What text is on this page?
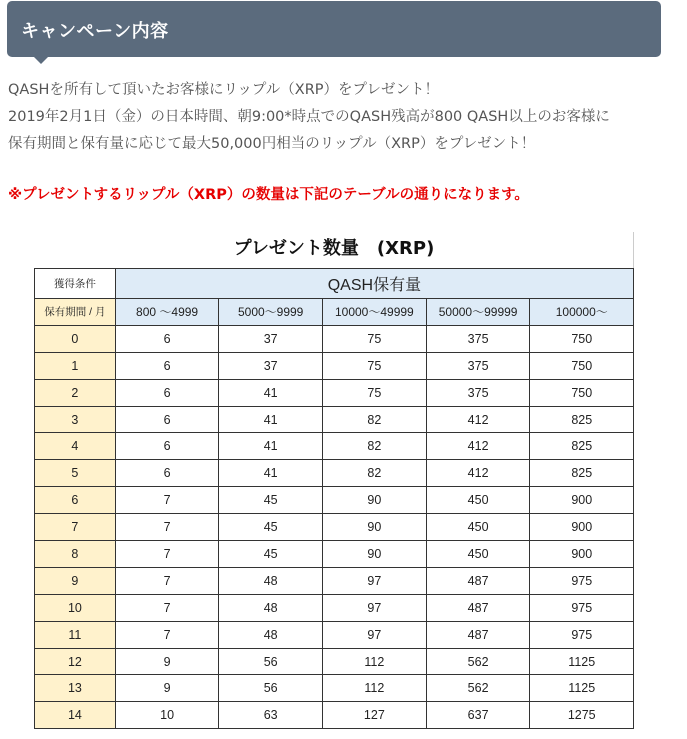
キャンペーン内容

QASHを所有して頂いたお客様にリップル（XRP）をプレゼント！

2019年2月1日（金）の日本時間、朝9:00*時点でのQASH残高が800 QASH以上のお客様に

保有期間と保有量に応じて最大50,000円相当のリップル（XRP）をプレゼント！

※プレゼントするリップル（XRP）の数量は下記のテーブルの通りになります。
プレゼント数量　(XRP)
獲得条件	QASH保有量				
保有期間 / 月	800 〜4999	5000〜9999	10000〜49999	50000〜99999	100000〜
0	6	37	75	375	750
1	6	37	75	375	750
2	6	41	75	375	750
3	6	41	82	412	825
4	6	41	82	412	825
5	6	41	82	412	825
6	7	45	90	450	900
7	7	45	90	450	900
8	7	45	90	450	900
9	7	48	97	487	975
10	7	48	97	487	975
11	7	48	97	487	975
12	9	56	112	562	1125
13	9	56	112	562	1125
14	10	63	127	637	1275
